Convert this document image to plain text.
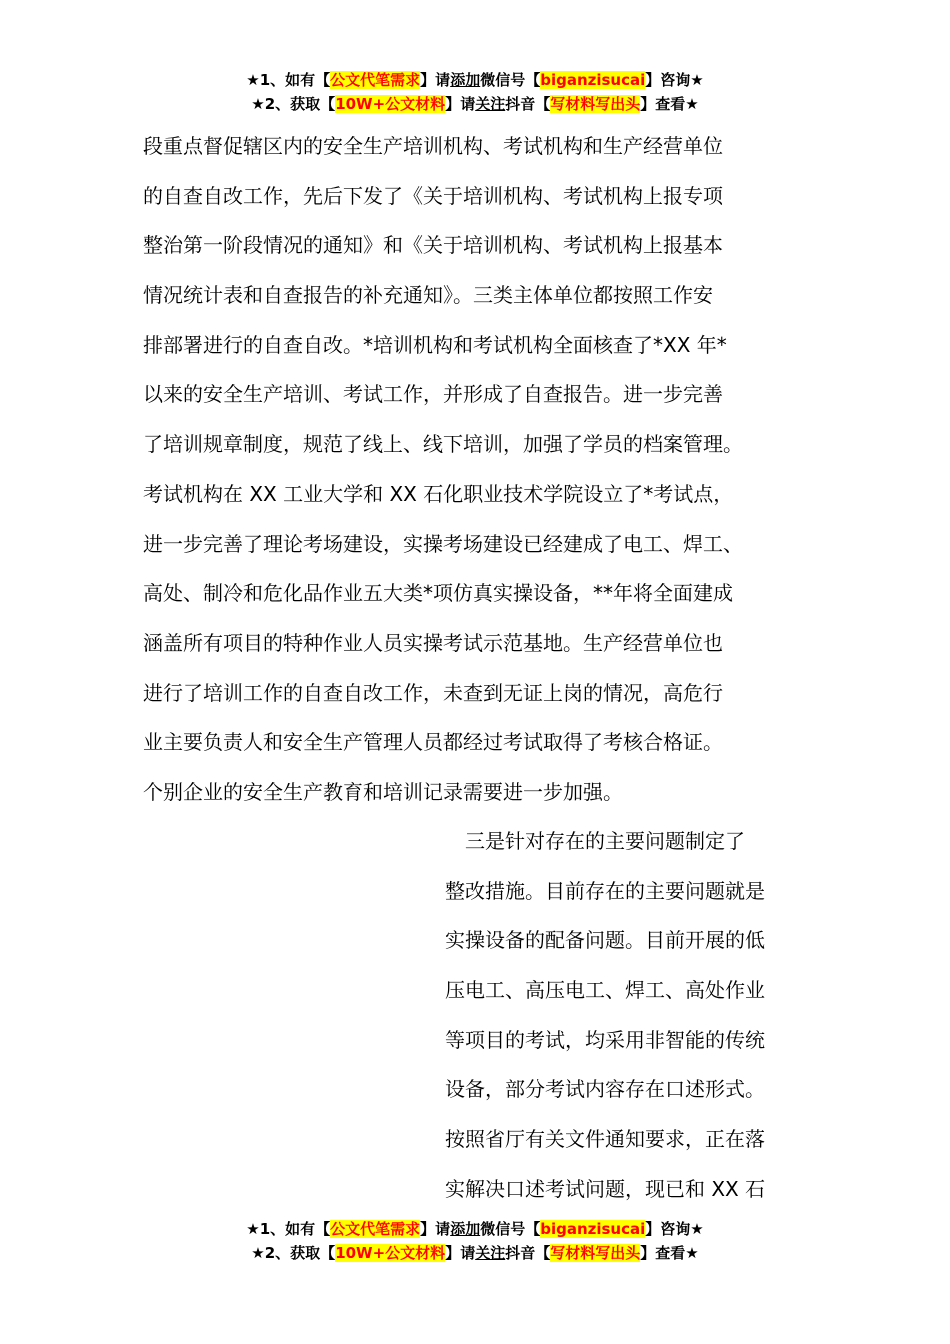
★1、如有【公文代笔需求】请添加微信号【biganzisucai】咨询★
★2、获取【10W+公文材料】请关注抖音【写材料写出头】查看★
段重点督促辖区内的安全生产培训机构、考试机构和生产经营单位
的自查自改工作，先后下发了《关于培训机构、考试机构上报专项
整治第一阶段情况的通知》和《关于培训机构、考试机构上报基本
情况统计表和自查报告的补充通知》。三类主体单位都按照工作安
排部署进行的自查自改。*培训机构和考试机构全面核查了*XX 年*
以来的安全生产培训、考试工作，并形成了自查报告。进一步完善
了培训规章制度，规范了线上、线下培训，加强了学员的档案管理。
考试机构在 XX 工业大学和 XX 石化职业技术学院设立了*考试点，
进一步完善了理论考场建设，实操考场建设已经建成了电工、焊工、
高处、制冷和危化品作业五大类*项仿真实操设备，**年将全面建成
涵盖所有项目的特种作业人员实操考试示范基地。生产经营单位也
进行了培训工作的自查自改工作，未查到无证上岗的情况，高危行
业主要负责人和安全生产管理人员都经过考试取得了考核合格证。
个别企业的安全生产教育和培训记录需要进一步加强。
　三是针对存在的主要问题制定了
整改措施。目前存在的主要问题就是
实操设备的配备问题。目前开展的低
压电工、高压电工、焊工、高处作业
等项目的考试，均采用非智能的传统
设备，部分考试内容存在口述形式。
按照省厅有关文件通知要求，正在落
实解决口述考试问题，现已和 XX 石
★1、如有【公文代笔需求】请添加微信号【biganzisucai】咨询★
★2、获取【10W+公文材料】请关注抖音【写材料写出头】查看★
